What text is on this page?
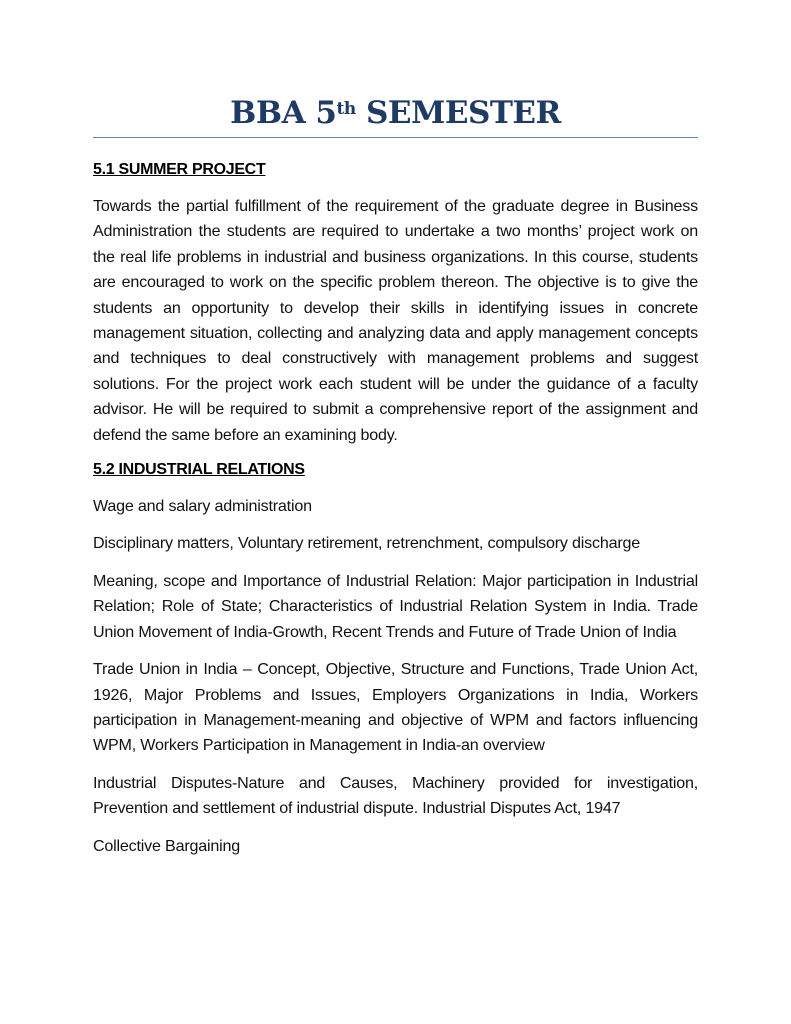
BBA 5th SEMESTER

5.1 SUMMER PROJECT

Towards the partial fulfillment of the requirement of the graduate degree in Business Administration the students are required to undertake a two months’ project work on the real life problems in industrial and business organizations. In this course, students are encouraged to work on the specific problem thereon. The objective is to give the students an opportunity to develop their skills in identifying issues in concrete management situation, collecting and analyzing data and apply management concepts and techniques to deal constructively with management problems and suggest solutions. For the project work each student will be under the guidance of a faculty advisor. He will be required to submit a comprehensive report of the assignment and defend the same before an examining body.

5.2 INDUSTRIAL RELATIONS

Wage and salary administration

Disciplinary matters, Voluntary retirement, retrenchment, compulsory discharge

Meaning, scope and Importance of Industrial Relation: Major participation in Industrial Relation; Role of State; Characteristics of Industrial Relation System in India. Trade Union Movement of India-Growth, Recent Trends and Future of Trade Union of India

Trade Union in India – Concept, Objective, Structure and Functions, Trade Union Act, 1926, Major Problems and Issues, Employers Organizations in India, Workers participation in Management-meaning and objective of WPM and factors influencing WPM, Workers Participation in Management in India-an overview

Industrial Disputes-Nature and Causes, Machinery provided for investigation, Prevention and settlement of industrial dispute. Industrial Disputes Act, 1947

Collective Bargaining
